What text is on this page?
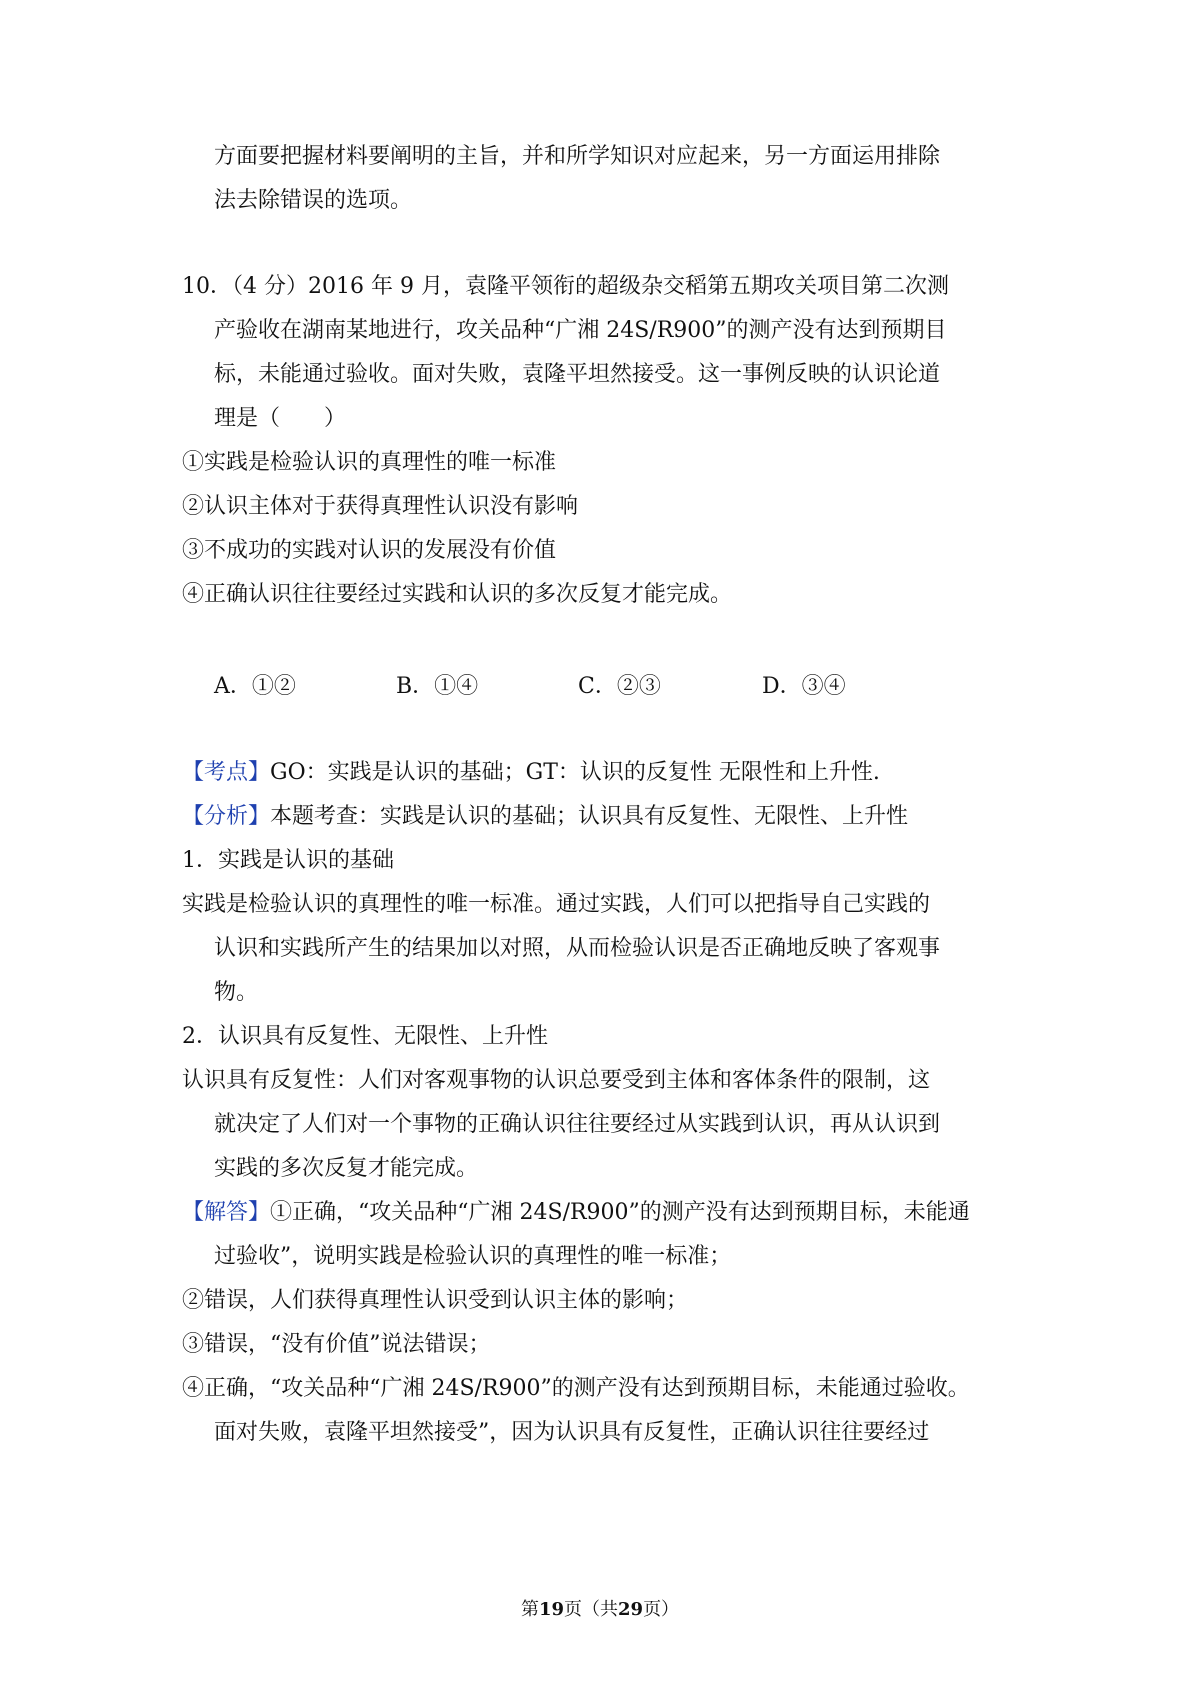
方面要把握材料要阐明的主旨，并和所学知识对应起来，另一方面运用排除
法去除错误的选项。
10．（4 分）2016 年 9 月，袁隆平领衔的超级杂交稻第五期攻关项目第二次测
产验收在湖南某地进行，攻关品种“广湘 24S/R900”的测产没有达到预期目
标，未能通过验收。面对失败，袁隆平坦然接受。这一事例反映的认识论道
理是（　　）
①实践是检验认识的真理性的唯一标准
②认识主体对于获得真理性认识没有影响
③不成功的实践对认识的发展没有价值
④正确认识往往要经过实践和认识的多次反复才能完成。
A．①②	B．①④	C．②③	D．③④
【考点】GO：实践是认识的基础；GT：认识的反复性 无限性和上升性.
【分析】本题考查：实践是认识的基础；认识具有反复性、无限性、上升性
1．实践是认识的基础
实践是检验认识的真理性的唯一标准。通过实践，人们可以把指导自己实践的
认识和实践所产生的结果加以对照，从而检验认识是否正确地反映了客观事
物。
2．认识具有反复性、无限性、上升性
认识具有反复性：人们对客观事物的认识总要受到主体和客体条件的限制，这
就决定了人们对一个事物的正确认识往往要经过从实践到认识，再从认识到
实践的多次反复才能完成。
【解答】①正确，“攻关品种“广湘 24S/R900”的测产没有达到预期目标，未能通
过验收”，说明实践是检验认识的真理性的唯一标准；
②错误，人们获得真理性认识受到认识主体的影响；
③错误，“没有价值”说法错误；
④正确，“攻关品种“广湘 24S/R900”的测产没有达到预期目标，未能通过验收。
面对失败，袁隆平坦然接受”，因为认识具有反复性，正确认识往往要经过
第19页（共29页）
